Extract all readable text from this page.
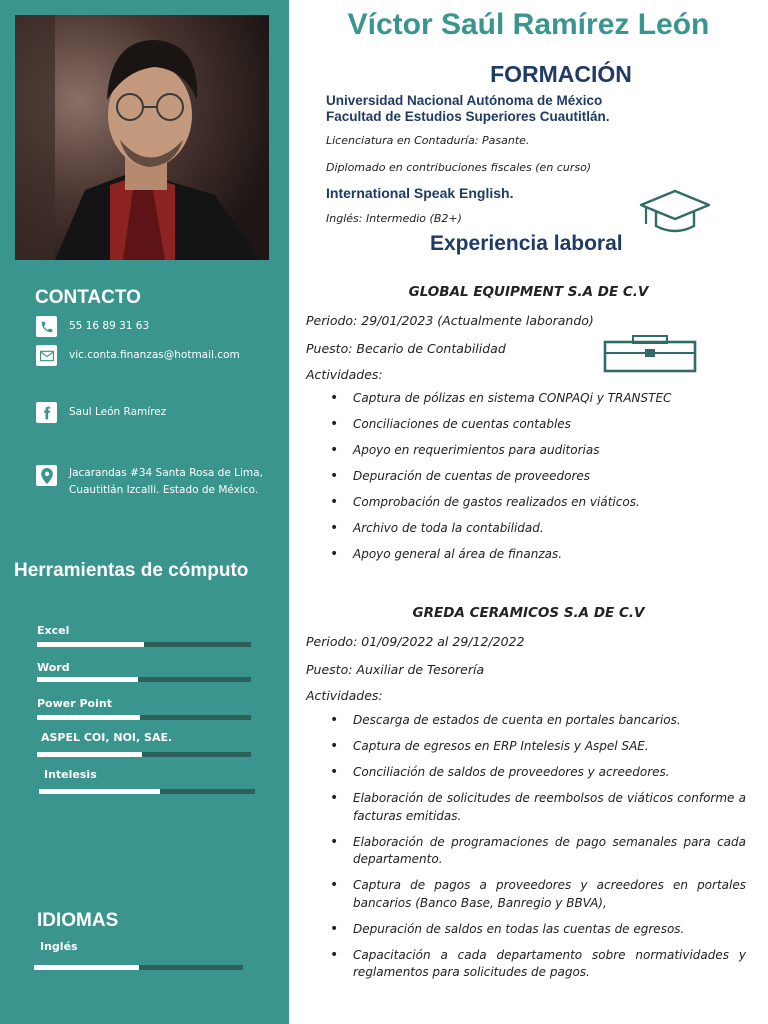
CONTACTO
55 16 89 31 63
vic.conta.finanzas@hotmail.com
Saul León Ramírez
Jacarandas #34 Santa Rosa de Lima,
Cuautitlán Izcalli. Estado de México.
Herramientas de cómputo
Excel
Word
Power Point
ASPEL COI, NOI, SAE.
Intelesis
IDIOMAS
Inglés
Víctor Saúl Ramírez León
FORMACIÓN
Universidad Nacional Autónoma de México
Facultad de Estudios Superiores Cuautitlán.
Licenciatura en Contaduría: Pasante.
Diplomado en contribuciones fiscales (en curso)
International Speak English.
Inglés: Intermedio (B2+)
Experiencia laboral
GLOBAL EQUIPMENT S.A DE C.V
Periodo: 29/01/2023 (Actualmente laborando)
Puesto: Becario de Contabilidad
Actividades:
• Captura de pólizas en sistema CONPAQi y TRANSTEC
• Conciliaciones de cuentas contables
• Apoyo en requerimientos para auditorias
• Depuración de cuentas de proveedores
• Comprobación de gastos realizados en viáticos.
• Archivo de toda la contabilidad.
• Apoyo general al área de finanzas.
GREDA CERAMICOS S.A DE C.V
Periodo: 01/09/2022 al 29/12/2022
Puesto: Auxiliar de Tesorería
Actividades:
• Descarga de estados de cuenta en portales bancarios.
• Captura de egresos en ERP Intelesis y Aspel SAE.
• Conciliación de saldos de proveedores y acreedores.
• Elaboración de solicitudes de reembolsos de viáticos conforme a facturas emitidas.
• Elaboración de programaciones de pago semanales para cada departamento.
• Captura de pagos a proveedores y acreedores en portales bancarios (Banco Base, Banregio y BBVA),
• Depuración de saldos en todas las cuentas de egresos.
• Capacitación a cada departamento sobre normatividades y reglamentos para solicitudes de pagos.
